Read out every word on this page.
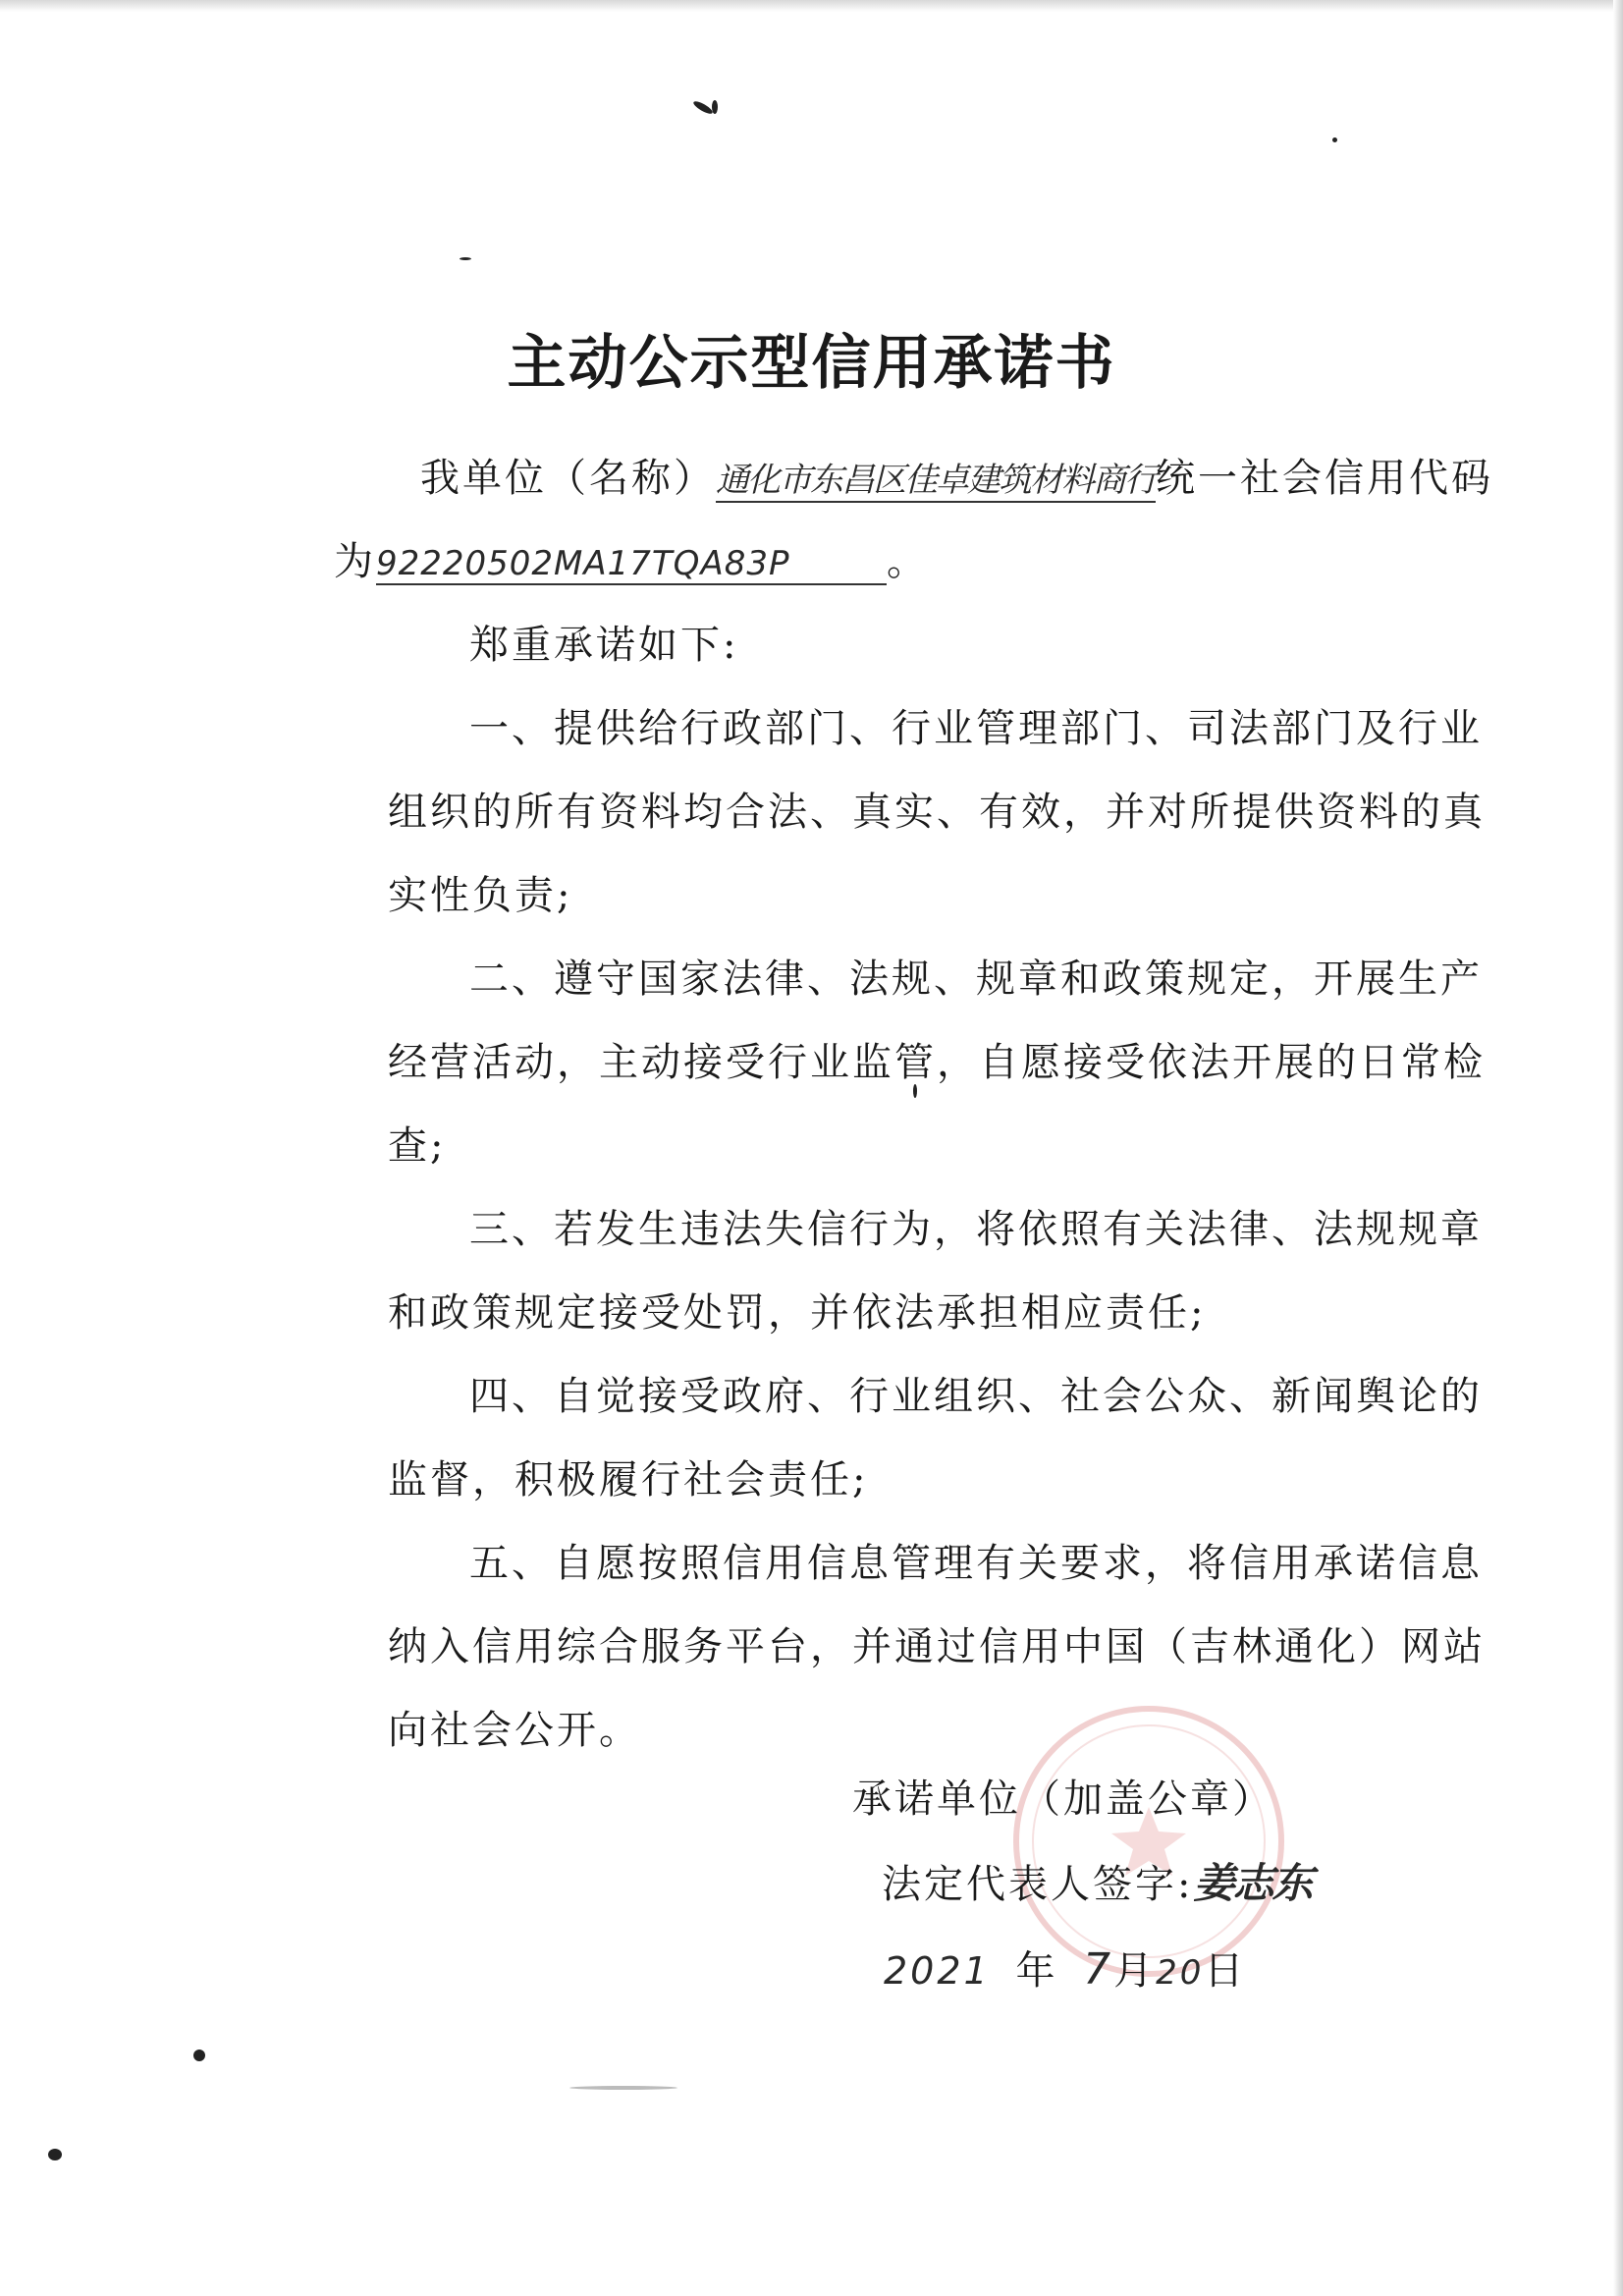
主动公示型信用承诺书
我单位（名称）通化市东昌区佳卓建筑材料商行统一社会信用代码
为92220502MA17TQA83P 。
郑重承诺如下:
一、提供给行政部门、行业管理部门、司法部门及行业
组织的所有资料均合法、真实、有效，并对所提供资料的真
实性负责;
二、遵守国家法律、法规、规章和政策规定，开展生产
经营活动，主动接受行业监管，自愿接受依法开展的日常检
查;
三、若发生违法失信行为，将依照有关法律、法规规章
和政策规定接受处罚，并依法承担相应责任;
四、自觉接受政府、行业组织、社会公众、新闻舆论的
监督，积极履行社会责任;
五、自愿按照信用信息管理有关要求，将信用承诺信息
纳入信用综合服务平台，并通过信用中国（吉林通化）网站
向社会公开。
承诺单位（加盖公章）
法定代表人签字:姜志东
2021 年 7月20日
